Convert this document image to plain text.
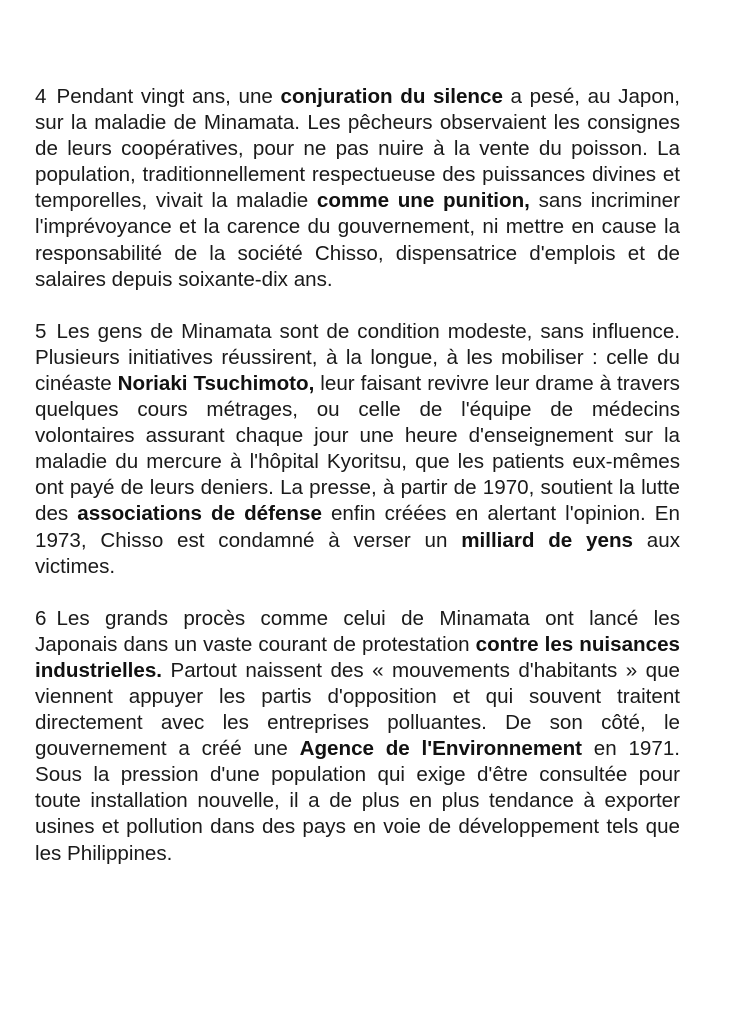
4 Pendant vingt ans, une conjuration du silence a pesé, au Japon, sur la maladie de Minamata. Les pêcheurs observaient les consignes de leurs coopératives, pour ne pas nuire à la vente du poisson. La population, traditionnellement respectueuse des puissances divines et temporelles, vivait la maladie comme une punition, sans incriminer l'imprévoyance et la carence du gouvernement, ni mettre en cause la responsabilité de la société Chisso, dispensatrice d'emplois et de salaires depuis soixante-dix ans.

5 Les gens de Minamata sont de condition modeste, sans influence. Plusieurs initiatives réussirent, à la longue, à les mobiliser : celle du cinéaste Noriaki Tsuchimoto, leur faisant revivre leur drame à travers quelques cours métrages, ou celle de l'équipe de médecins volontaires assurant chaque jour une heure d'enseignement sur la maladie du mercure à l'hôpital Kyoritsu, que les patients eux-mêmes ont payé de leurs deniers. La presse, à partir de 1970, soutient la lutte des associations de défense enfin créées en alertant l'opinion. En 1973, Chisso est condamné à verser un milliard de yens aux victimes.

6 Les grands procès comme celui de Minamata ont lancé les Japonais dans un vaste courant de protestation contre les nuisances industrielles. Partout naissent des « mouvements d'habitants » que viennent appuyer les partis d'opposition et qui souvent traitent directement avec les entreprises polluantes. De son côté, le gouvernement a créé une Agence de l'Environnement en 1971. Sous la pression d'une population qui exige d'être consultée pour toute installation nouvelle, il a de plus en plus tendance à exporter usines et pollution dans des pays en voie de développement tels que les Philippines.
